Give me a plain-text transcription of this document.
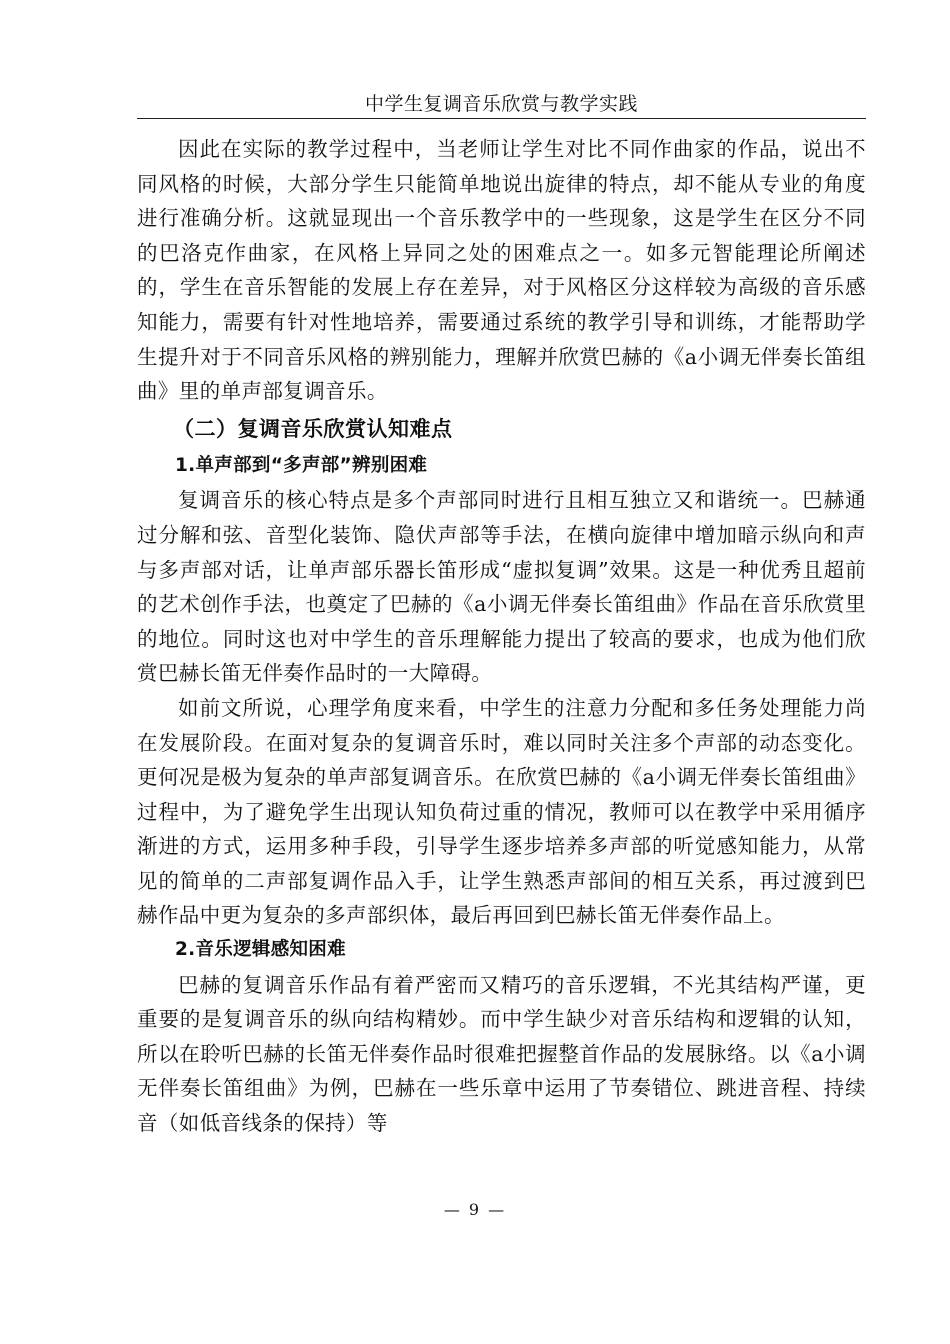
中学生复调音乐欣赏与教学实践

因此在实际的教学过程中，当老师让学生对比不同作曲家的作品，说出不同风格的时候，大部分学生只能简单地说出旋律的特点，却不能从专业的角度进行准确分析。这就显现出一个音乐教学中的一些现象，这是学生在区分不同的巴洛克作曲家，在风格上异同之处的困难点之一。如多元智能理论所阐述的，学生在音乐智能的发展上存在差异，对于风格区分这样较为高级的音乐感知能力，需要有针对性地培养，需要通过系统的教学引导和训练，才能帮助学生提升对于不同音乐风格的辨别能力，理解并欣赏巴赫的《a小调无伴奏长笛组曲》里的单声部复调音乐。

（二）复调音乐欣赏认知难点
1.单声部到“多声部”辨别困难

复调音乐的核心特点是多个声部同时进行且相互独立又和谐统一。巴赫通过分解和弦、音型化装饰、隐伏声部等手法，在横向旋律中增加暗示纵向和声与多声部对话，让单声部乐器长笛形成“虚拟复调”效果。这是一种优秀且超前的艺术创作手法，也奠定了巴赫的《a小调无伴奏长笛组曲》作品在音乐欣赏里的地位。同时这也对中学生的音乐理解能力提出了较高的要求，也成为他们欣赏巴赫长笛无伴奏作品时的一大障碍。

如前文所说，心理学角度来看，中学生的注意力分配和多任务处理能力尚在发展阶段。在面对复杂的复调音乐时，难以同时关注多个声部的动态变化。更何况是极为复杂的单声部复调音乐。在欣赏巴赫的《a小调无伴奏长笛组曲》过程中，为了避免学生出现认知负荷过重的情况，教师可以在教学中采用循序渐进的方式，运用多种手段，引导学生逐步培养多声部的听觉感知能力，从常见的简单的二声部复调作品入手，让学生熟悉声部间的相互关系，再过渡到巴赫作品中更为复杂的多声部织体，最后再回到巴赫长笛无伴奏作品上。

2.音乐逻辑感知困难

巴赫的复调音乐作品有着严密而又精巧的音乐逻辑，不光其结构严谨，更重要的是复调音乐的纵向结构精妙。而中学生缺少对音乐结构和逻辑的认知，所以在聆听巴赫的长笛无伴奏作品时很难把握整首作品的发展脉络。以《a小调无伴奏长笛组曲》为例，巴赫在一些乐章中运用了节奏错位、跳进音程、持续音（如低音线条的保持）等

— 9 —
